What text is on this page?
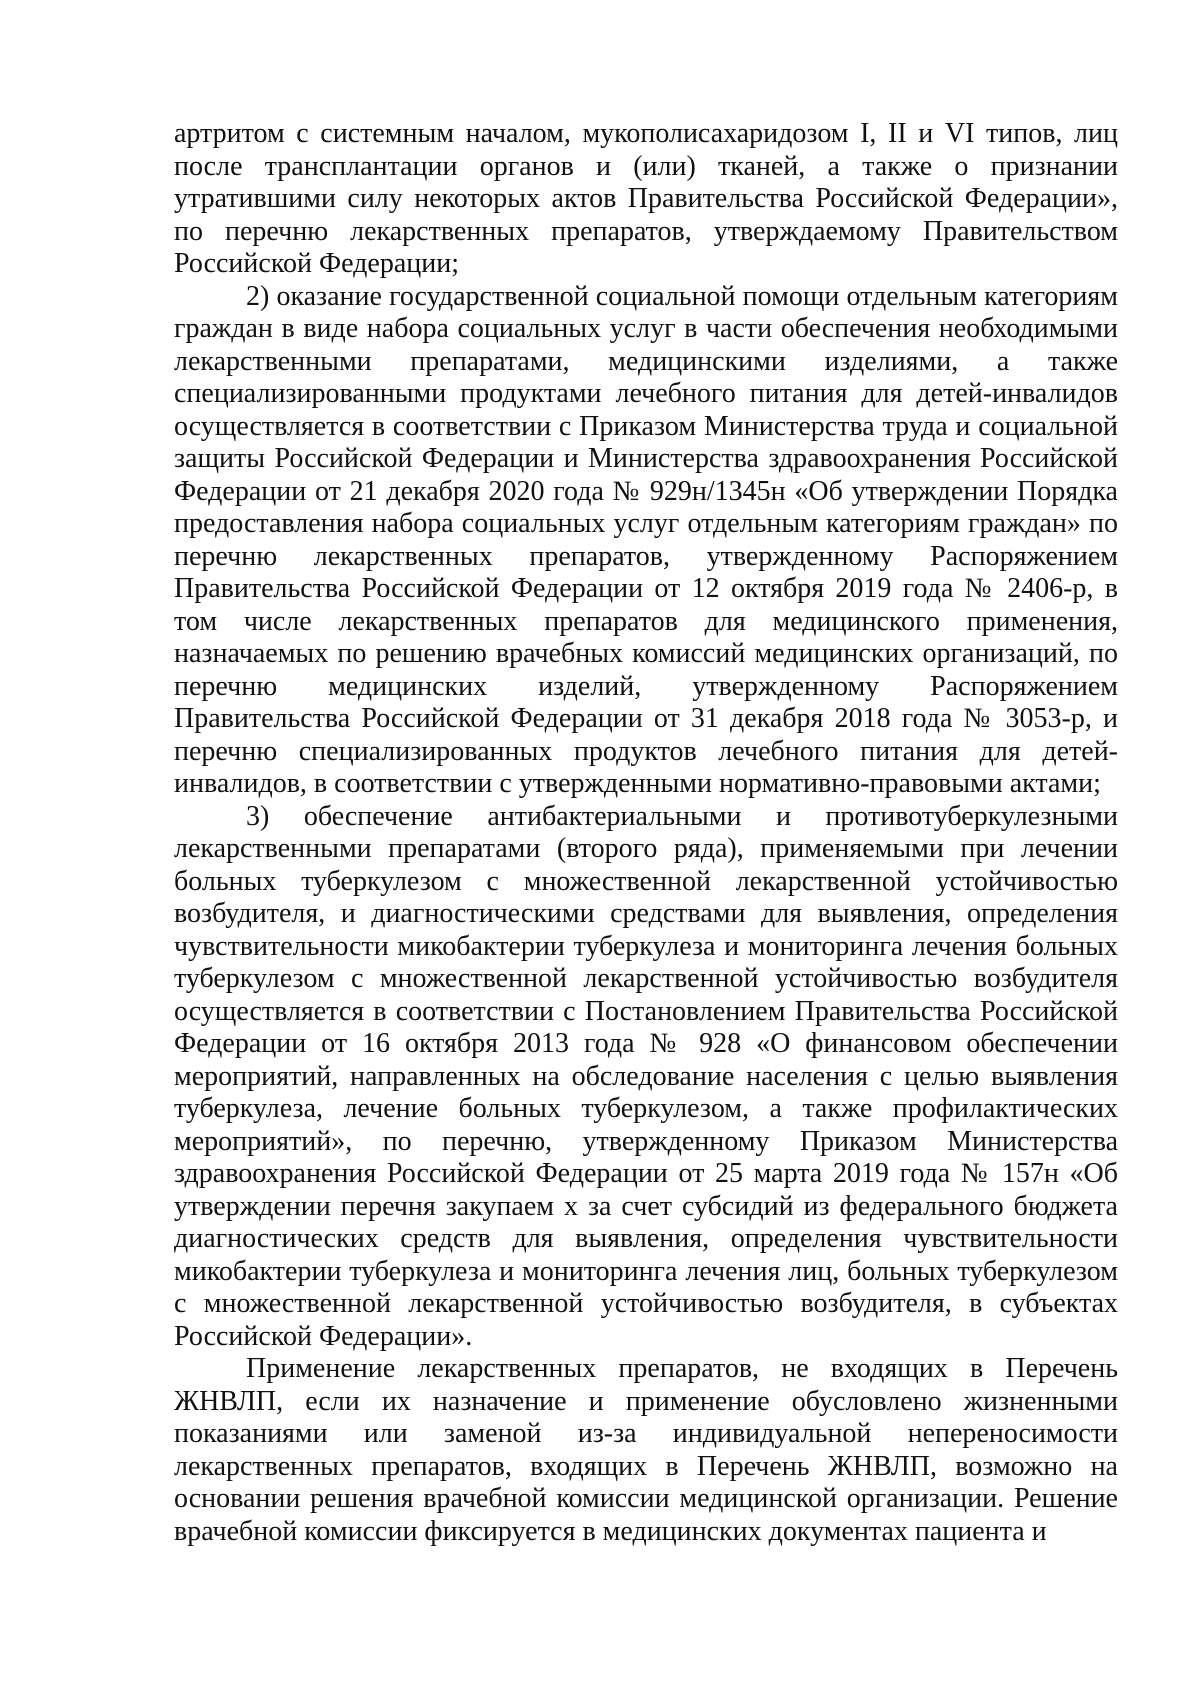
артритом с системным началом, мукополисахаридозом I, II и VI типов, лиц после трансплантации органов и (или) тканей, а также о признании утратившими силу некоторых актов Правительства Российской Федерации», по перечню лекарственных препаратов, утверждаемому Правительством Российской Федерации;

2) оказание государственной социальной помощи отдельным категориям граждан в виде набора социальных услуг в части обеспечения необходимыми лекарственными препаратами, медицинскими изделиями, а также специализированными продуктами лечебного питания для детей-инвалидов осуществляется в соответствии с Приказом Министерства труда и социальной защиты Российской Федерации и Министерства здравоохранения Российской Федерации от 21 декабря 2020 года № 929н/1345н «Об утверждении Порядка предоставления набора социальных услуг отдельным категориям граждан» по перечню лекарственных препаратов, утвержденному Распоряжением Правительства Российской Федерации от 12 октября 2019 года № 2406-р, в том числе лекарственных препаратов для медицинского применения, назначаемых по решению врачебных комиссий медицинских организаций, по перечню медицинских изделий, утвержденному Распоряжением Правительства Российской Федерации от 31 декабря 2018 года № 3053-р, и перечню специализированных продуктов лечебного питания для детей-инвалидов, в соответствии с утвержденными нормативно-правовыми актами;

3) обеспечение антибактериальными и противотуберкулезными лекарственными препаратами (второго ряда), применяемыми при лечении больных туберкулезом с множественной лекарственной устойчивостью возбудителя, и диагностическими средствами для выявления, определения чувствительности микобактерии туберкулеза и мониторинга лечения больных туберкулезом с множественной лекарственной устойчивостью возбудителя осуществляется в соответствии с Постановлением Правительства Российской Федерации от 16 октября 2013 года № 928 «О финансовом обеспечении мероприятий, направленных на обследование населения с целью выявления туберкулеза, лечение больных туберкулезом, а также профилактических мероприятий», по перечню, утвержденному Приказом Министерства здравоохранения Российской Федерации от 25 марта 2019 года № 157н «Об утверждении перечня закупаем х за счет субсидий из федерального бюджета диагностических средств для выявления, определения чувствительности микобактерии туберкулеза и мониторинга лечения лиц, больных туберкулезом с множественной лекарственной устойчивостью возбудителя, в субъектах Российской Федерации».

Применение лекарственных препаратов, не входящих в Перечень ЖНВЛП, если их назначение и применение обусловлено жизненными показаниями или заменой из-за индивидуальной непереносимости лекарственных препаратов, входящих в Перечень ЖНВЛП, возможно на основании решения врачебной комиссии медицинской организации. Решение врачебной комиссии фиксируется в медицинских документах пациента и
